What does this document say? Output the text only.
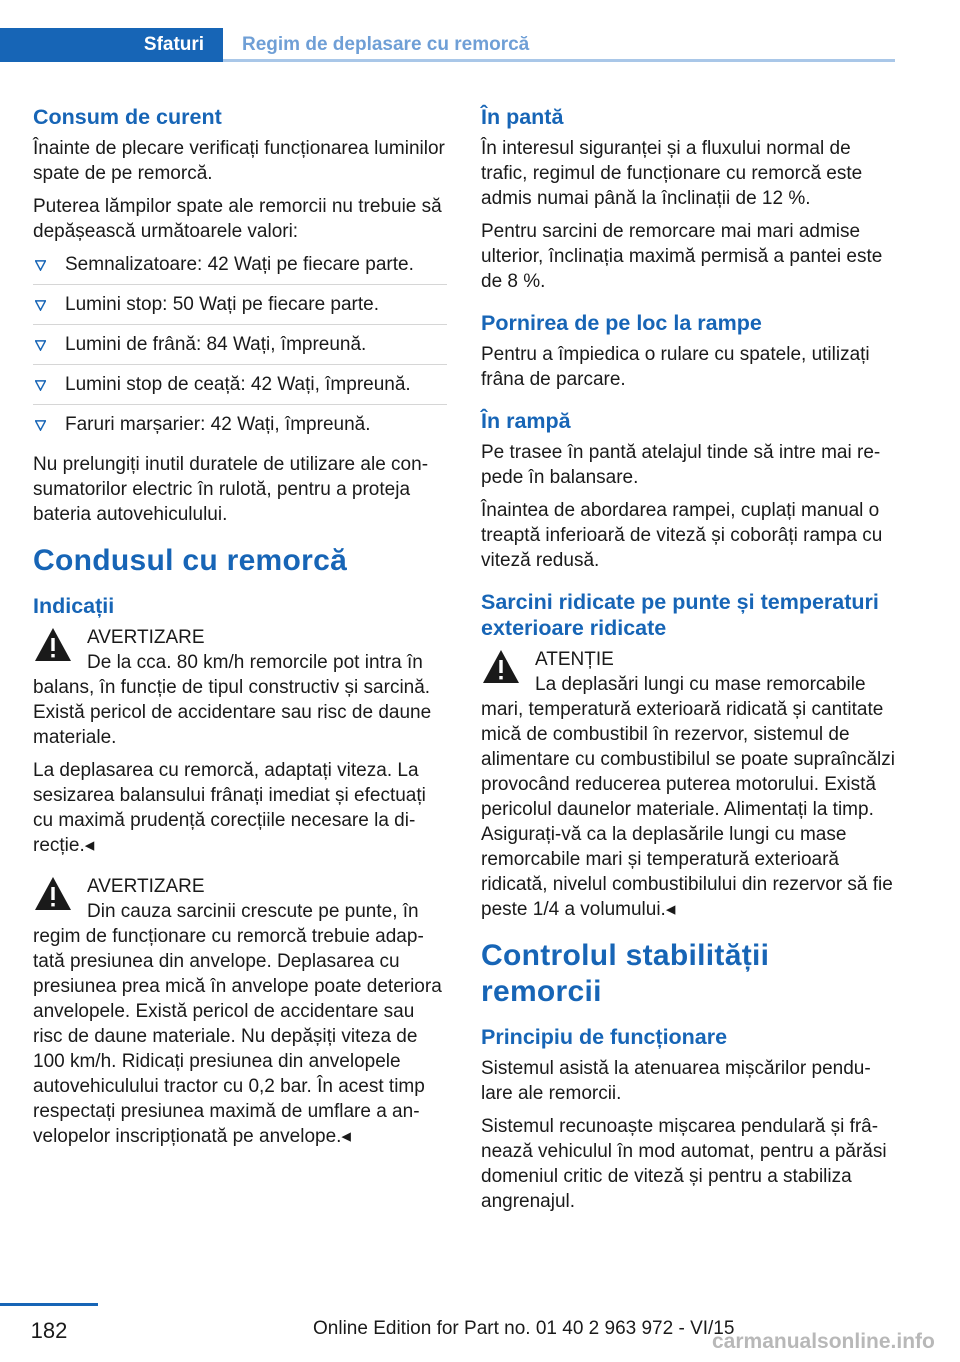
Sfaturi	Regim de deplasare cu remorcă
Consum de curent

Înainte de plecare verificați funcționarea luminilor spate de pe remorcă.

Puterea lămpilor spate ale remorcii nu trebuie să depășească următoarele valori:

Semnalizatoare: 42 Wați pe fiecare parte.
Lumini stop: 50 Wați pe fiecare parte.
Lumini de frână: 84 Wați, împreună.
Lumini stop de ceață: 42 Wați, împreună.
Faruri marșarier: 42 Wați, împreună.

Nu prelungiți inutil duratele de utilizare ale consumatorilor electric în rulotă, pentru a proteja bateria autovehiculului.

Condusul cu remorcă
Indicații
AVERTIZARE
De la cca. 80 km/h remorcile pot intra în balans, în funcție de tipul constructiv și sarcină. Există pericol de accidentare sau risc de daune materiale.

La deplasarea cu remorcă, adaptați viteza. La sesizarea balansului frânați imediat și efectuați cu maximă prudență corecțiile necesare la direcție.◂

AVERTIZARE
Din cauza sarcinii crescute pe punte, în regim de funcționare cu remorcă trebuie adaptată presiunea din anvelope. Deplasarea cu presiunea prea mică în anvelope poate deteriora anvelopele. Există pericol de accidentare sau risc de daune materiale. Nu depășiți viteza de 100 km/h. Ridicați presiunea din anvelopele autovehiculului tractor cu 0,2 bar. În acest timp respectați presiunea maximă de umflare a anvelopelor inscripționată pe anvelope.◂
În pantă

În interesul siguranței și a fluxului normal de trafic, regimul de funcționare cu remorcă este admis numai până la înclinații de 12 %.

Pentru sarcini de remorcare mai mari admise ulterior, înclinația maximă permisă a pantei este de 8 %.

Pornirea de pe loc la rampe

Pentru a împiedica o rulare cu spatele, utilizați frâna de parcare.

În rampă

Pe trasee în pantă atelajul tinde să intre mai repede în balansare.

Înaintea de abordarea rampei, cuplați manual o treaptă inferioară de viteză și coborâți rampa cu viteză redusă.

Sarcini ridicate pe punte și temperaturi exterioare ridicate
ATENȚIE
La deplasări lungi cu mase remorcabile mari, temperatură exterioară ridicată și cantitate mică de combustibil în rezervor, sistemul de alimentare cu combustibilul se poate supraîncălzi provocând reducerea puterea motorului. Există pericolul daunelor materiale. Alimentați la timp. Asigurați-vă ca la deplasările lungi cu mase remorcabile mari și temperatură exterioară ridicată, nivelul combustibilului din rezervor să fie peste 1/4 a volumului.◂
Controlul stabilității remorcii
Principiu de funcționare

Sistemul asistă la atenuarea mișcărilor pendulare ale remorcii.

Sistemul recunoaște mișcarea pendulară și frânează vehiculul în mod automat, pentru a părăsi domeniul critic de viteză și pentru a stabiliza angrenajul.

182	Online Edition for Part no. 01 40 2 963 972 - VI/15
carmanualsonline.info
